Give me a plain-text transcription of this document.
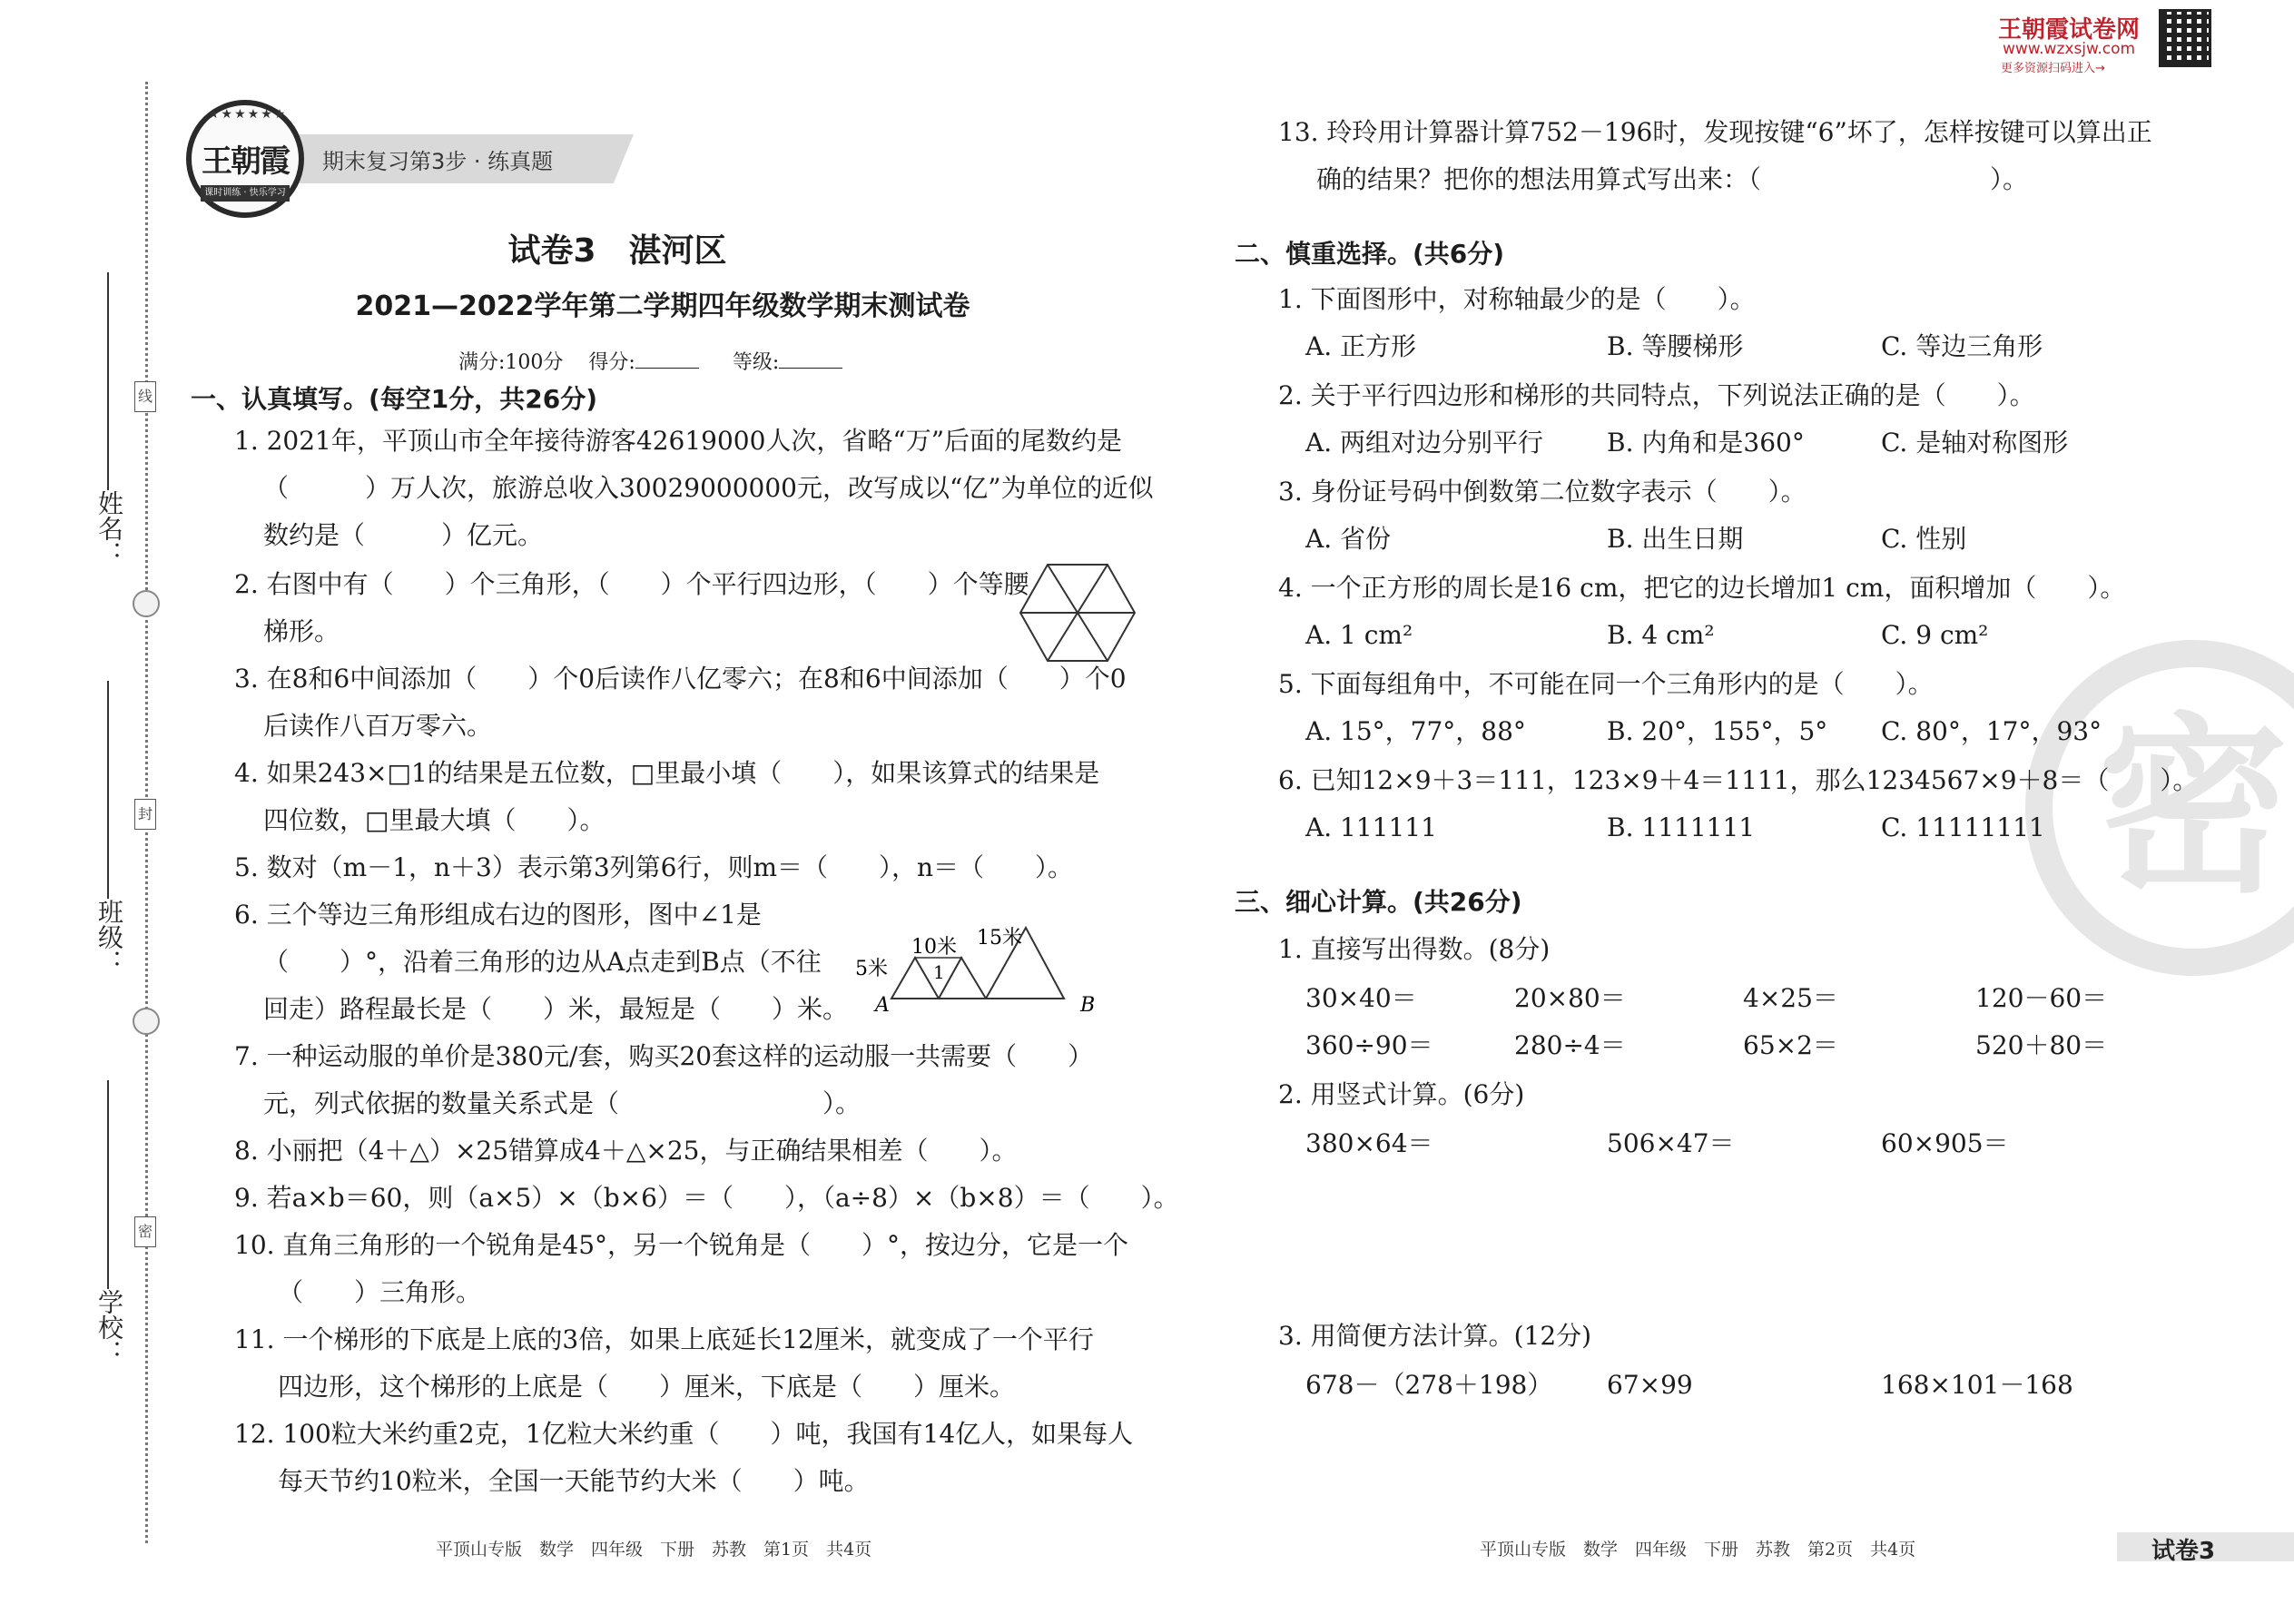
姓名：
班级：
学校：
线
封
密
期末复习第3步 · 练真题
★★★★★★
王朝霞
课时训练 · 快乐学习
试卷3　湛河区
2021—2022学年第二学期四年级数学期末测试卷
满分:100分 得分:	等级:
一、认真填写。(每空1分，共26分)
1. 2021年，平顶山市全年接待游客42619000人次，省略“万”后面的尾数约是
（　　　）万人次，旅游总收入30029000000元，改写成以“亿”为单位的近似
数约是（　　　）亿元。
2. 右图中有（　　）个三角形，（　　）个平行四边形，（　　）个等腰
梯形。
3. 在8和6中间添加（　　）个0后读作八亿零六；在8和6中间添加（　　）个0
后读作八百万零六。
4. 如果243×□1的结果是五位数，□里最小填（　　），如果该算式的结果是
四位数，□里最大填（　　）。
5. 数对（m－1，n＋3）表示第3列第6行，则m＝（　　），n＝（　　）。
6. 三个等边三角形组成右边的图形，图中∠1是
（　　）°，沿着三角形的边从A点走到B点（不往
回走）路程最长是（　　）米，最短是（　　）米。
5米
10米 15米
1
A	B
7. 一种运动服的单价是380元/套，购买20套这样的运动服一共需要（　　）
元，列式依据的数量关系式是（　　　　　　　　）。
8. 小丽把（4＋△）×25错算成4＋△×25，与正确结果相差（　　）。
9. 若a×b＝60，则（a×5）×（b×6）＝（　　），（a÷8）×（b×8）＝（　　）。
10. 直角三角形的一个锐角是45°，另一个锐角是（　　）°，按边分，它是一个
（　　）三角形。
11. 一个梯形的下底是上底的3倍，如果上底延长12厘米，就变成了一个平行
四边形，这个梯形的上底是（　　）厘米，下底是（　　）厘米。
12. 100粒大米约重2克，1亿粒大米约重（　　）吨，我国有14亿人，如果每人
每天节约10粒米，全国一天能节约大米（　　）吨。
王朝霞试卷网
www.wzxsjw.com
更多资源扫码进入→
密
13. 玲玲用计算器计算752－196时，发现按键“6”坏了，怎样按键可以算出正
确的结果？把你的想法用算式写出来：（　　　　　　　　　）。
二、慎重选择。(共6分)
1. 下面图形中，对称轴最少的是（　　）。
A. 正方形	B. 等腰梯形	C. 等边三角形
2. 关于平行四边形和梯形的共同特点，下列说法正确的是（　　）。
A. 两组对边分别平行 B. 内角和是360°	C. 是轴对称图形
3. 身份证号码中倒数第二位数字表示（　　）。
A. 省份	B. 出生日期	C. 性别
4. 一个正方形的周长是16 cm，把它的边长增加1 cm，面积增加（　　）。
A. 1 cm²	B. 4 cm²	C. 9 cm²
5. 下面每组角中，不可能在同一个三角形内的是（　　）。
A. 15°，77°，88°	B. 20°，155°，5° C. 80°，17°，93°
6. 已知12×9＋3＝111，123×9＋4＝1111，那么1234567×9＋8＝（　　）。
A. 111111	B. 1111111	C. 11111111
三、细心计算。(共26分)
1. 直接写出得数。(8分)
30×40＝	20×80＝	4×25＝	120－60＝
360÷90＝	280÷4＝	65×2＝	520＋80＝
2. 用竖式计算。(6分)
380×64＝	506×47＝	60×905＝
3. 用简便方法计算。(12分)
678－（278＋198） 67×99	168×101－168
平顶山专版　数学　四年级　下册　苏教　第1页　共4页	平顶山专版　数学　四年级　下册　苏教　第2页　共4页	试卷3
